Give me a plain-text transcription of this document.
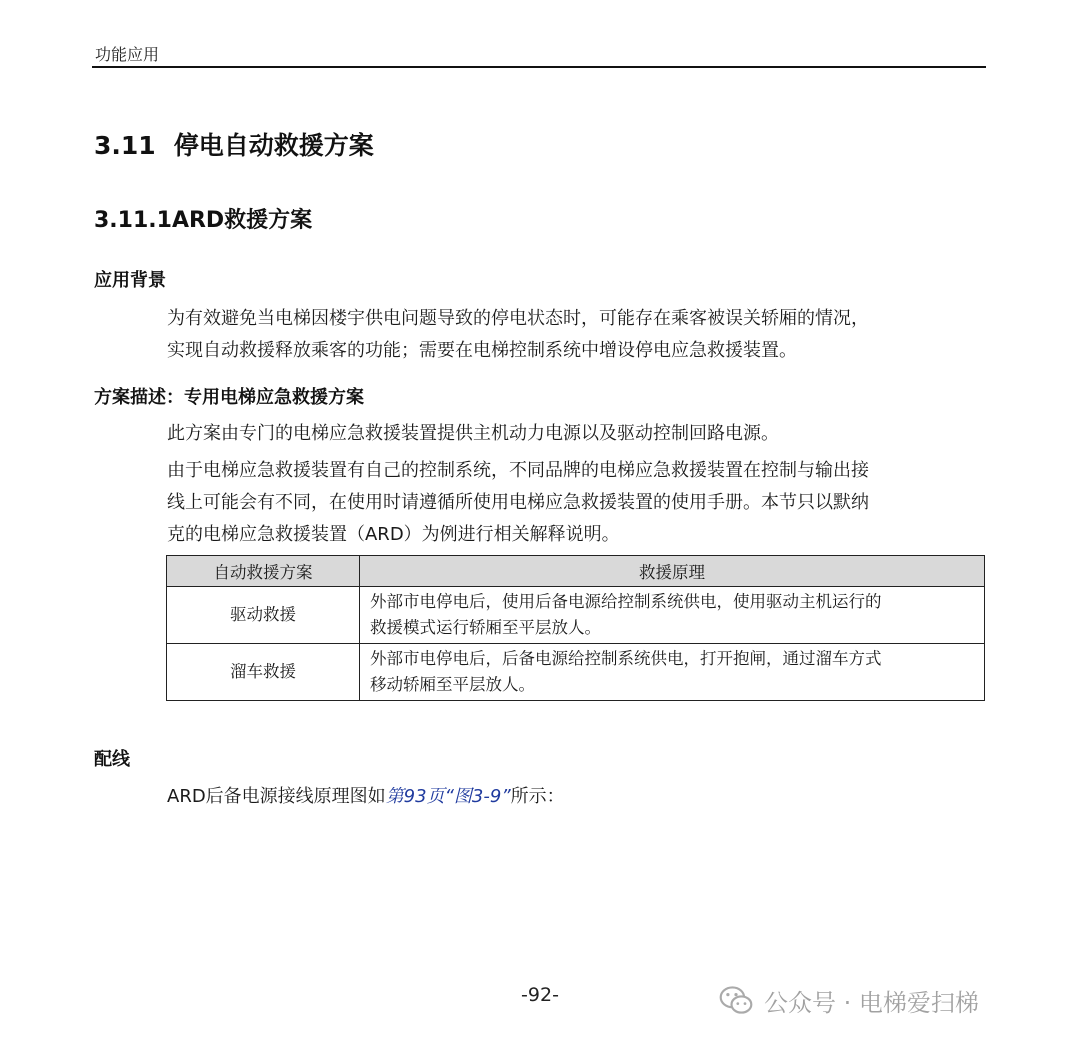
功能应用
3.11 停电自动救援方案
3.11.1ARD救援方案
应用背景
为有效避免当电梯因楼宇供电问题导致的停电状态时，可能存在乘客被误关轿厢的情况，
实现自动救援释放乘客的功能；需要在电梯控制系统中增设停电应急救援装置。
方案描述：专用电梯应急救援方案
此方案由专门的电梯应急救援装置提供主机动力电源以及驱动控制回路电源。
由于电梯应急救援装置有自己的控制系统，不同品牌的电梯应急救援装置在控制与输出接
线上可能会有不同，在使用时请遵循所使用电梯应急救援装置的使用手册。本节只以默纳
克的电梯应急救援装置（ARD）为例进行相关解释说明。
自动救援方案	救援原理
驱动救援	外部市电停电后，使用后备电源给控制系统供电，使用驱动主机运行的
救援模式运行轿厢至平层放人。

溜车救援	外部市电停电后，后备电源给控制系统供电，打开抱闸，通过溜车方式
移动轿厢至平层放人。
配线
ARD后备电源接线原理图如第93页“图3-9”所示：
-92-	公众号 · 电梯爱扫梯
